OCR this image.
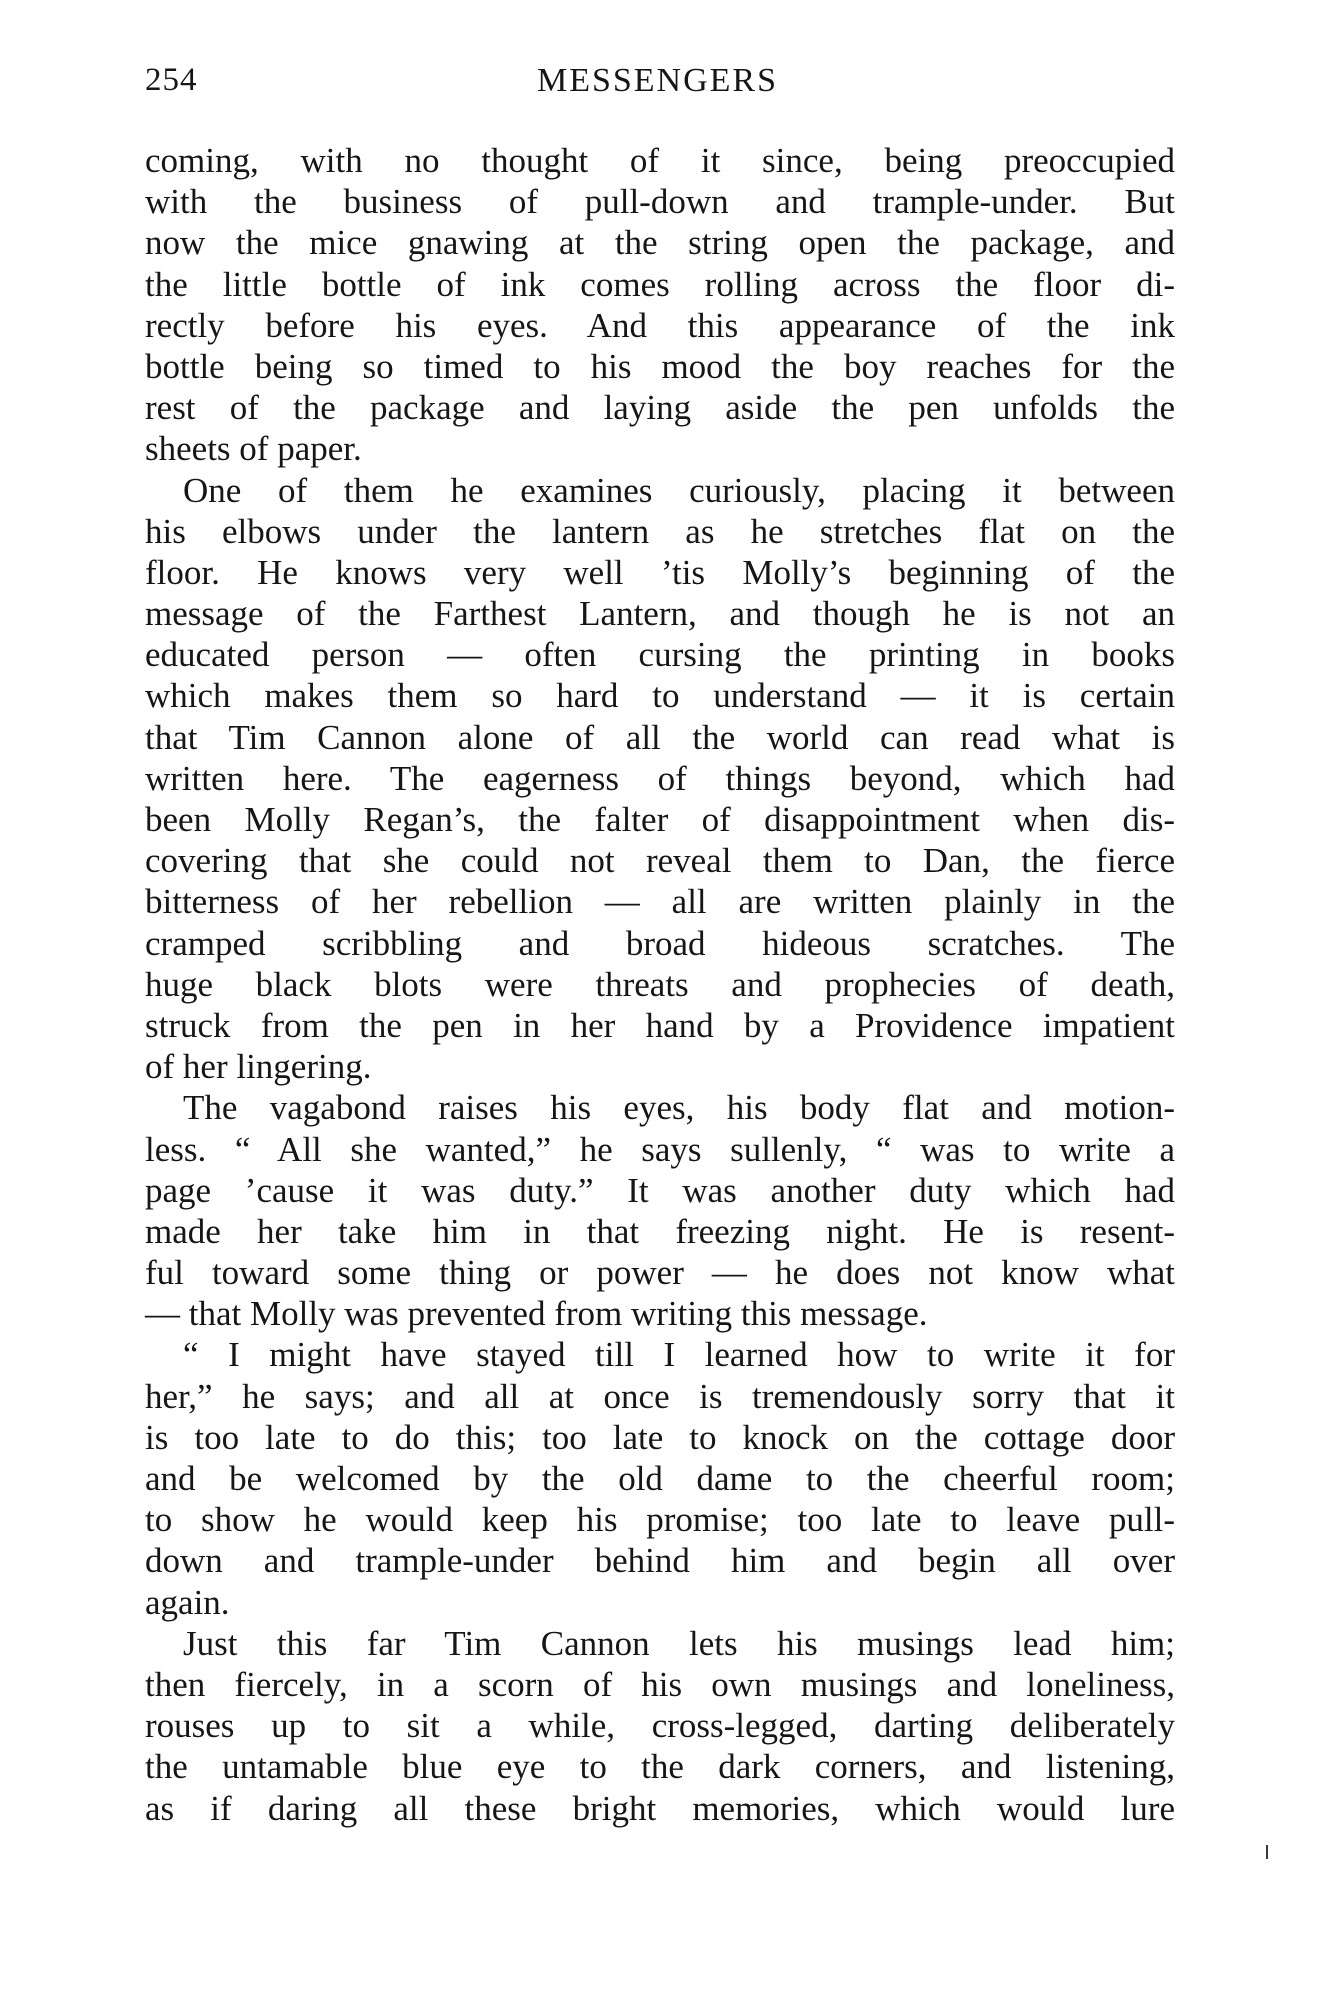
254	MESSENGERS
coming, with no thought of it since, being preoccupied
with the business of pull-down and trample-under. But
now the mice gnawing at the string open the package, and
the little bottle of ink comes rolling across the floor di-
rectly before his eyes. And this appearance of the ink
bottle being so timed to his mood the boy reaches for the
rest of the package and laying aside the pen unfolds the
sheets of paper.
One of them he examines curiously, placing it between
his elbows under the lantern as he stretches flat on the
floor. He knows very well ’tis Molly’s beginning of the
message of the Farthest Lantern, and though he is not an
educated person — often cursing the printing in books
which makes them so hard to understand — it is certain
that Tim Cannon alone of all the world can read what is
written here. The eagerness of things beyond, which had
been Molly Regan’s, the falter of disappointment when dis-
covering that she could not reveal them to Dan, the fierce
bitterness of her rebellion — all are written plainly in the
cramped scribbling and broad hideous scratches. The
huge black blots were threats and prophecies of death,
struck from the pen in her hand by a Providence impatient
of her lingering.
The vagabond raises his eyes, his body flat and motion-
less. “ All she wanted,” he says sullenly, “ was to write a
page ’cause it was duty.” It was another duty which had
made her take him in that freezing night. He is resent-
ful toward some thing or power — he does not know what
— that Molly was prevented from writing this message.
“ I might have stayed till I learned how to write it for
her,” he says; and all at once is tremendously sorry that it
is too late to do this; too late to knock on the cottage door
and be welcomed by the old dame to the cheerful room;
to show he would keep his promise; too late to leave pull-
down and trample-under behind him and begin all over
again.
Just this far Tim Cannon lets his musings lead him;
then fiercely, in a scorn of his own musings and loneliness,
rouses up to sit a while, cross-legged, darting deliberately
the untamable blue eye to the dark corners, and listening,
as if daring all these bright memories, which would lure
